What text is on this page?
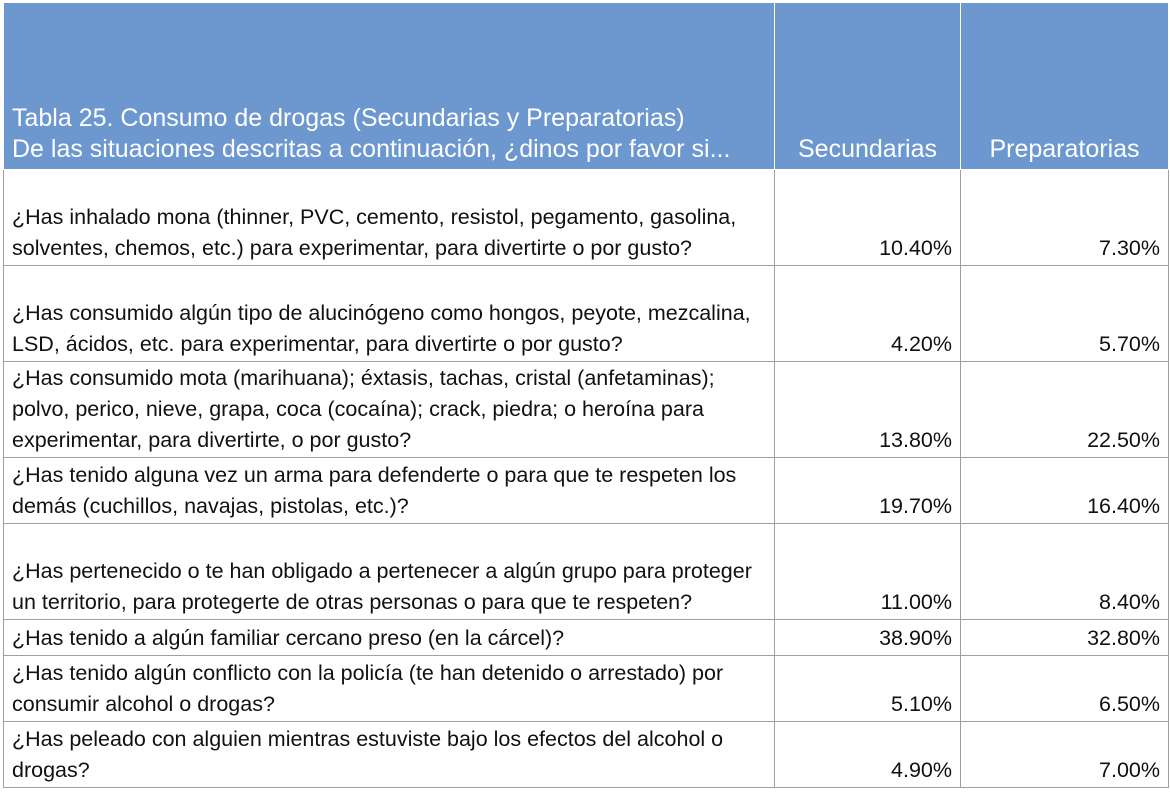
Tabla 25. Consumo de drogas (Secundarias y Preparatorias)
De las situaciones descritas a continuación, ¿dinos por favor si...	Secundarias	Preparatorias
¿Has inhalado mona (thinner, PVC, cemento, resistol, pegamento, gasolina, solventes, chemos, etc.) para experimentar, para divertirte o por gusto?	10.40%	7.30%
¿Has consumido algún tipo de alucinógeno como hongos, peyote, mezcalina, LSD, ácidos, etc. para experimentar, para divertirte o por gusto?	4.20%	5.70%
¿Has consumido mota (marihuana); éxtasis, tachas, cristal (anfetaminas); polvo, perico, nieve, grapa, coca (cocaína); crack, piedra; o heroína para experimentar, para divertirte, o por gusto?	13.80%	22.50%
¿Has tenido alguna vez un arma para defenderte o para que te respeten los demás (cuchillos, navajas, pistolas, etc.)?	19.70%	16.40%
¿Has pertenecido o te han obligado a pertenecer a algún grupo para proteger un territorio, para protegerte de otras personas o para que te respeten?	11.00%	8.40%
¿Has tenido a algún familiar cercano preso (en la cárcel)?	38.90%	32.80%
¿Has tenido algún conflicto con la policía (te han detenido o arrestado) por consumir alcohol o drogas?	5.10%	6.50%
¿Has peleado con alguien mientras estuviste bajo los efectos del alcohol o drogas?	4.90%	7.00%
